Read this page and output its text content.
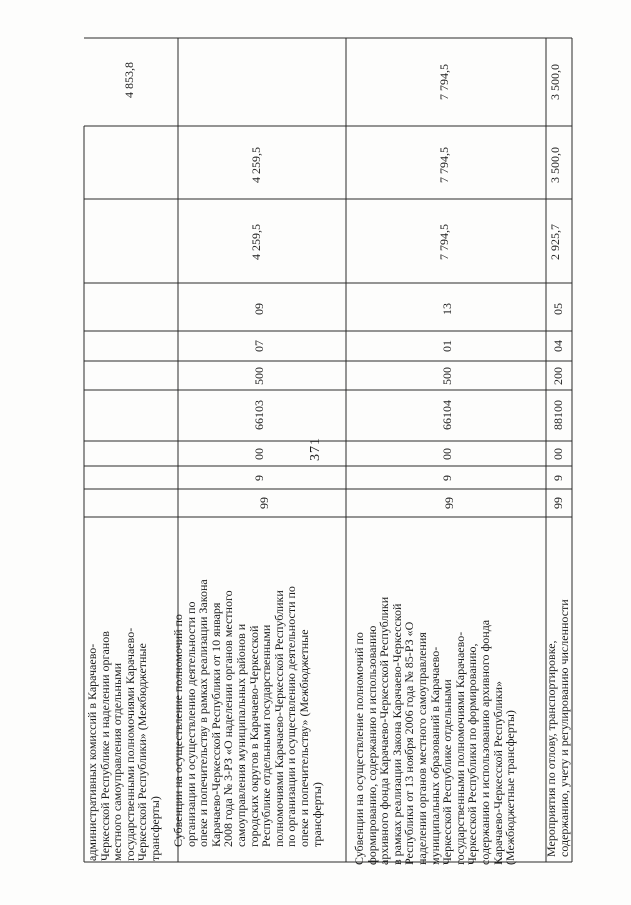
371
административных комиссий в Карачаево-
Черкесской Республике и наделении органов
местного самоуправления отдельными
государственными полномочиями Карачаево-
Черкесской Республики» (Межбюджетные
трансферты)
4 853,8
Субвенции на осуществление полномочий по
организации и осуществлению деятельности по
опеке и попечительству в рамках реализации Закона
Карачаево-Черкесской Республики от 10 января
2008 года № 3-РЗ «О наделении органов местного
самоуправления муниципальных районов и
городских округов в Карачаево-Черкесской
Республике отдельными государственными
полномочиями Карачаево-Черкесской Республики
по организации и осуществлению деятельности по
опеке и попечительству» (Межбюджетные
трансферты)
99
9
00
66103
500
07
09
4 259,5
4 259,5
Субвенции на осуществление полномочий по
формированию, содержанию и использованию
архивного фонда Карачаево-Черкесской Республики
в рамках реализации Закона Карачаево-Черкесской
Республики от 13 ноября 2006 года № 85-РЗ «О
наделении органов местного самоуправления
муниципальных образований в Карачаево-
Черкесской Республике отдельными
государственными полномочиями Карачаево-
Черкесской Республики по формированию,
содержанию и использованию архивного фонда
Карачаево-Черкесской Республики»
(Межбюджетные трансферты)
99
9
00
66104
500
01
13
7 794,5
7 794,5
7 794,5
Мероприятия по отлову, транспортировке,
содержанию, учету и регулированию численности
99
9
00
88100
200
04
05
2 925,7
3 500,0
3 500,0
